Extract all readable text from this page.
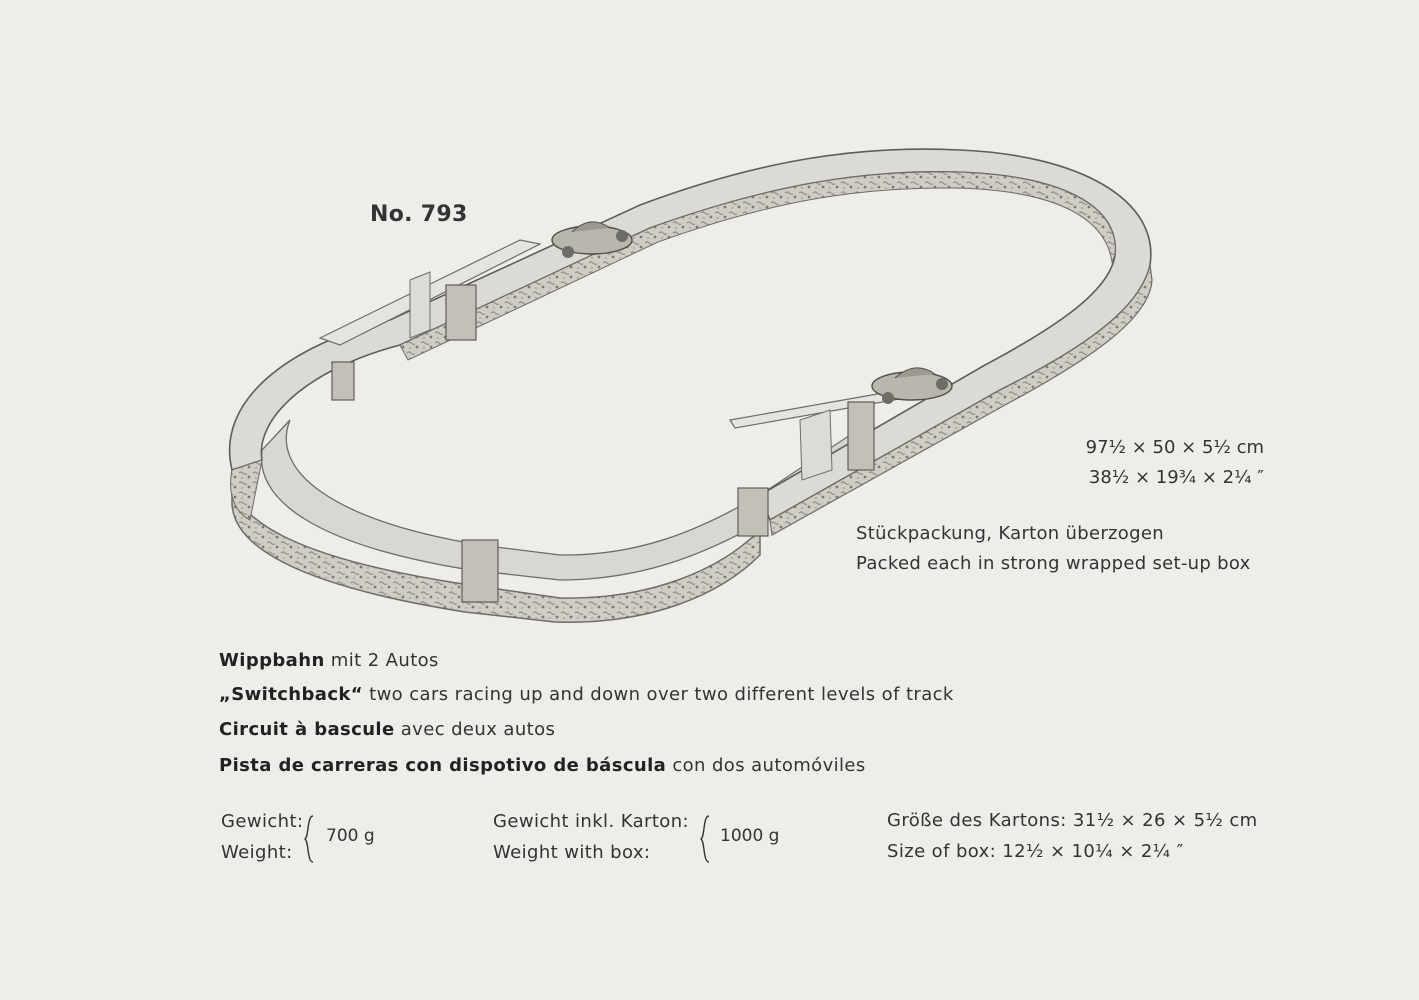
No. 793
97½ × 50 × 5½ cm
38½ × 19¾ × 2¼ ″
Stückpackung, Karton überzogen
Packed each in strong wrapped set-up box
Wippbahn mit 2 Autos
„Switchback“ two cars racing up and down over two different levels of track
Circuit à bascule avec deux autos
Pista de carreras con dispotivo de báscula con dos automóviles
Gewicht:
Weight:
700 g
Gewicht inkl. Karton:
Weight with box:
1000 g
Größe des Kartons: 31½ × 26 × 5½ cm
Size of box: 12½ × 10¼ × 2¼ ″
